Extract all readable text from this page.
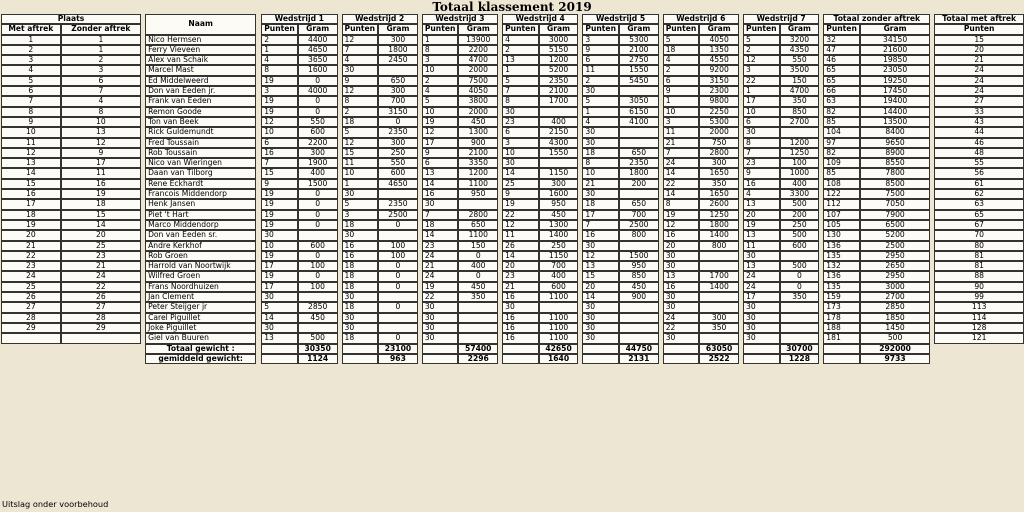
Totaal klassement 2019
Plaats			Naam		Wedstrijd 1			Wedstrijd 2			Wedstrijd 3			Wedstrijd 4			Wedstrijd 5			Wedstrijd 6			Wedstrijd 7			Totaal zonder aftrek			Totaal met aftrek
Met aftrek	Zonder aftrek				Punten	Gram		Punten	Gram		Punten	Gram		Punten	Gram		Punten	Gram		Punten	Gram		Punten	Gram		Punten	Gram		Punten
1	1		Nico Hermsen		2	4400		12	300		1	13900		4	3000		3	5300		5	4050		5	3200		32	34150		15
2	1		Ferry Vieveen		1	4650		7	1800		8	2200		2	5150		9	2100		18	1350		2	4350		47	21600		20
3	2		Alex van Schaik		4	3650		4	2450		3	4700		13	1200		6	2750		4	4550		12	550		46	19850		21
4	3		Marcel Mast		8	1600		30			10	2000		1	5200		11	1550		2	9200		3	3500		65	23050		24
5	6		Ed Middelweerd		19	0		9	650		2	7500		5	2350		2	5450		6	3150		22	150		65	19250		24
6	7		Don van Eeden jr.		3	4000		12	300		4	4050		7	2100		30			9	2300		1	4700		66	17450		24
7	4		Frank van Eeden		19	0		8	700		5	3800		8	1700		5	3050		1	9800		17	350		63	19400		27
8	8		Remon Goode		19	0		2	3150		10	2000		30			1	6150		10	2250		10	850		82	14400		33
9	10		Ton van Beek		12	550		18	0		19	450		23	400		4	4100		3	5300		6	2700		85	13500		43
10	13		Rick Guldemundt		10	600		5	2350		12	1300		6	2150		30			11	2000		30			104	8400		44
11	12		Fred Toussain		6	2200		12	300		17	900		3	4300		30			21	750		8	1200		97	9650		46
12	9		Rob Toussain		16	300		15	250		9	2100		10	1550		18	650		7	2800		7	1250		82	8900		48
13	17		Nico van Wieringen		7	1900		11	550		6	3350		30			8	2350		24	300		23	100		109	8550		55
14	11		Daan van Tilborg		15	400		10	600		13	1200		14	1150		10	1800		14	1650		9	1000		85	7800		56
15	16		Rene Eckhardt		9	1500		1	4650		14	1100		25	300		21	200		22	350		16	400		108	8500		61
16	19		Francois Middendorp		19	0		30			16	950		9	1600		30			14	1650		4	3300		122	7500		62
17	18		Henk Jansen		19	0		5	2350		30			19	950		18	650		8	2600		13	500		112	7050		63
18	15		Piet 't Hart		19	0		3	2500		7	2800		22	450		17	700		19	1250		20	200		107	7900		65
19	14		Marco Middendorp		19	0		18	0		18	650		12	1300		7	2500		12	1800		19	250		105	6500		67
20	20		Don van Eeden sr.		30			30			14	1100		11	1400		16	800		16	1400		13	500		130	5200		70
21	25		Andre Kerkhof		10	600		16	100		23	150		26	250		30			20	800		11	600		136	2500		80
22	23		Rob Groen		19	0		16	100		24	0		14	1150		12	1500		30			30			135	2950		81
23	21		Harrold van Noortwijk		17	100		18	0		21	400		20	700		13	950		30			13	500		132	2650		81
24	24		Wilfred Groen		19	0		18	0		24	0		23	400		15	850		13	1700		24	0		136	2950		88
25	22		Frans Noordhuizen		17	100		18	0		19	450		21	600		20	450		16	1400		24	0		135	3000		90
26	26		Jan Clement		30			30			22	350		16	1100		14	900		30			17	350		159	2700		99
27	27		Peter Steijger jr		5	2850		18	0		30			30			30			30			30			173	2850		113
28	28		Carel Piguillet		14	450		30			30			16	1100		30			24	300		30			178	1850		114
29	29		Joke Piguillet		30			30			30			16	1100		30			22	350		30			188	1450		128
			Giel van Buuren		13	500		18	0		30			16	1100		30			30			30			181	500		121
			Totaal gewicht :			30350			23100			57400			42650			44750			63050			30700			292000		
			gemiddeld gewicht:			1124			963			2296			1640			2131			2522			1228			9733		
Uitslag onder voorbehoud
